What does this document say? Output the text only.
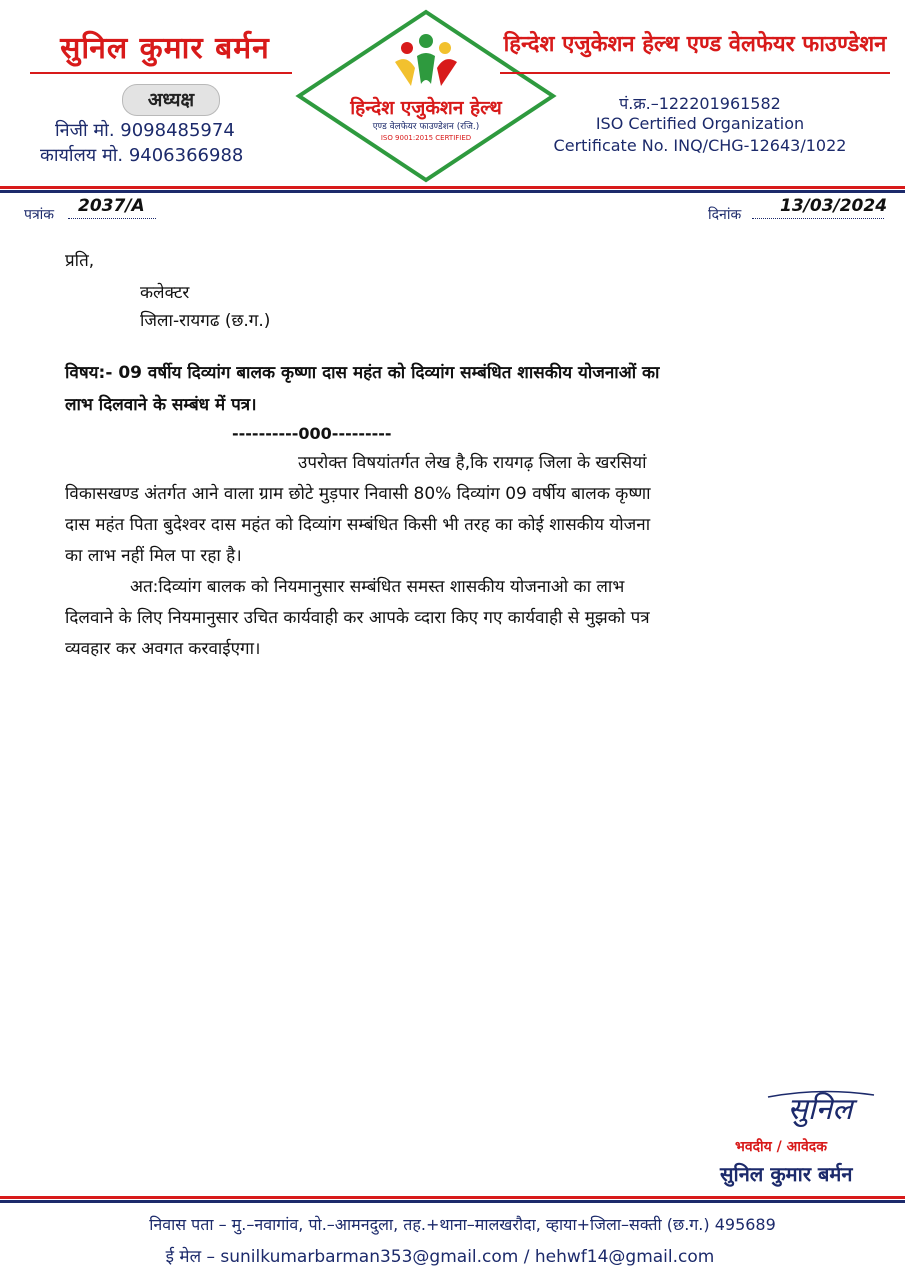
सुनिल कुमार बर्मन
अध्यक्ष
निजी मो. 9098485974
कार्यालय मो. 9406366988
हिन्देश एजुकेशन हेल्थ
एण्ड वेलफेयर फाउण्डेशन (रजि.)
ISO 9001:2015 CERTIFIED
हिन्देश एजुकेशन हेल्थ एण्ड वेलफेयर फाउण्डेशन
पं.क्र.–122201961582
ISO Certified Organization
Certificate No. INQ/CHG-12643/1022
पत्रांक 2037/A	दिनांक 13/03/2024
प्रति,
कलेक्टर
जिला-रायगढ (छ.ग.)
विषय:- 09 वर्षीय दिव्यांग बालक कृष्णा दास महंत को दिव्यांग सम्बंधित शासकीय योजनाओं का
लाभ दिलवाने के सम्बंध में पत्र।
----------000---------
उपरोक्त विषयांतर्गत लेख है,कि रायगढ़ जिला के खरसियां
विकासखण्ड अंतर्गत आने वाला ग्राम छोटे मुड़पार निवासी 80% दिव्यांग 09 वर्षीय बालक कृष्णा
दास महंत पिता बुदेश्वर दास महंत को दिव्यांग सम्बंधित किसी भी तरह का कोई शासकीय योजना
का लाभ नहीं मिल पा रहा है।
अत:दिव्यांग बालक को नियमानुसार सम्बंधित समस्त शासकीय योजनाओ का लाभ
दिलवाने के लिए नियमानुसार उचित कार्यवाही कर आपके व्दारा किए गए कार्यवाही से मुझको पत्र
व्यवहार कर अवगत करवाईएगा।
सुनिल
भवदीय / आवेदक
सुनिल कुमार बर्मन
निवास पता – मु.–नवागांव, पो.–आमनदुला, तह.+थाना–मालखरौदा, व्हाया+जिला–सक्ती (छ.ग.) 495689
ई मेल – sunilkumarbarman353@gmail.com / hehwf14@gmail.com
